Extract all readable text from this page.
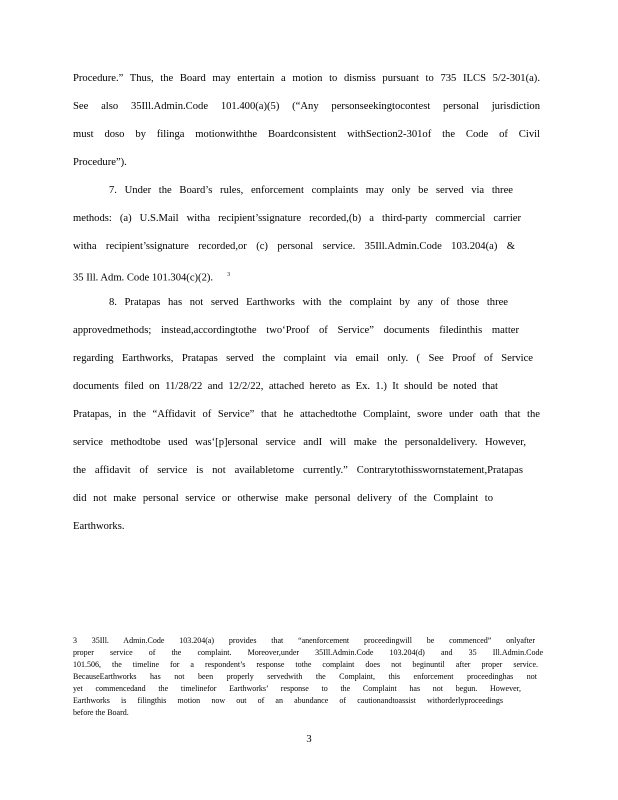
Procedure.” Thus, the Board may entertain a motion to dismiss pursuant to 735 ILCS 5/2-301(a).
See also 35Ill.Admin.Code 101.400(a)(5) (“Any personseekingtocontest personal jurisdiction
must doso by filinga motionwiththe Boardconsistent withSection2-301of the Code of Civil
Procedure”).
7. Under the Board’s rules, enforcement complaints may only be served via three
methods: (a) U.S.Mail witha recipient’ssignature recorded,(b) a third-party commercial carrier
witha recipient’ssignature recorded,or (c) personal service. 35Ill.Admin.Code 103.204(a) &
35 Ill. Adm. Code 101.304(c)(2). $^3$
8. Pratapas has not served Earthworks with the complaint by any of those three
approvedmethods; instead,accordingtothe two‘Proof of Service” documents filedinthis matter
regarding Earthworks, Pratapas served the complaint via email only. ( See Proof of Service
documents filed on 11/28/22 and 12/2/22, attached hereto as Ex. 1.) It should be noted that
Pratapas, in the “Affidavit of Service” that he attachedtothe Complaint, swore under oath that the
service methodtobe used was‘[p]ersonal service andI will make the personaldelivery. However,
the affidavit of service is not availabletome currently.” Contrarytothisswornstatement,Pratapas
did not make personal service or otherwise make personal delivery of the Complaint to
Earthworks.
3 35Ill. Admin.Code 103.204(a) provides that “anenforcement proceedingwill be commenced” onlyafter
proper service of the complaint. Moreover,under 35Ill.Admin.Code 103.204(d) and 35 Ill.Admin.Code
101.506, the timeline for a respondent’s response tothe complaint does not beginuntil after proper service.
BecauseEarthworks has not been properly servedwith the Complaint, this enforcement proceedinghas not
yet commencedand the timelinefor Earthworks’ response to the Complaint has not begun. However,
Earthworks is filingthis motion now out of an abundance of cautionandtoassist withorderlyproceedings
before the Board.
3
